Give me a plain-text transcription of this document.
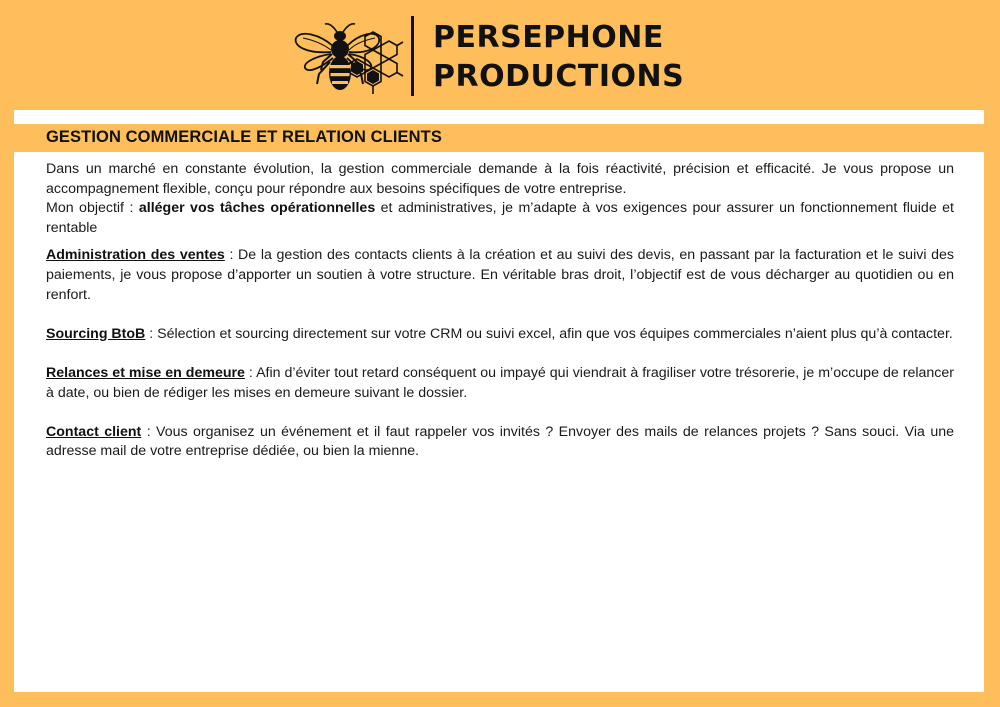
PERSEPHONE
PRODUCTIONS
GESTION COMMERCIALE ET RELATION CLIENTS

Dans un marché en constante évolution, la gestion commerciale demande à la fois réactivité, précision et efficacité. Je vous propose un accompagnement flexible, conçu pour répondre aux besoins spécifiques de votre entreprise.

Mon objectif : alléger vos tâches opérationnelles et administratives, je m’adapte à vos exigences pour assurer un fonctionnement fluide et rentable

Administration des ventes : De la gestion des contacts clients à la création et au suivi des devis, en passant par la facturation et le suivi des paiements, je vous propose d’apporter un soutien à votre structure. En véritable bras droit, l’objectif est de vous décharger au quotidien ou en renfort.

Sourcing BtoB : Sélection et sourcing directement sur votre CRM ou suivi excel, afin que vos équipes commerciales n’aient plus qu’à contacter.

Relances et mise en demeure : Afin d’éviter tout retard conséquent ou impayé qui viendrait à fragiliser votre trésorerie, je m’occupe de relancer à date, ou bien de rédiger les mises en demeure suivant le dossier.

Contact client : Vous organisez un événement et il faut rappeler vos invités ? Envoyer des mails de relances projets ? Sans souci. Via une adresse mail de votre entreprise dédiée, ou bien la mienne.
